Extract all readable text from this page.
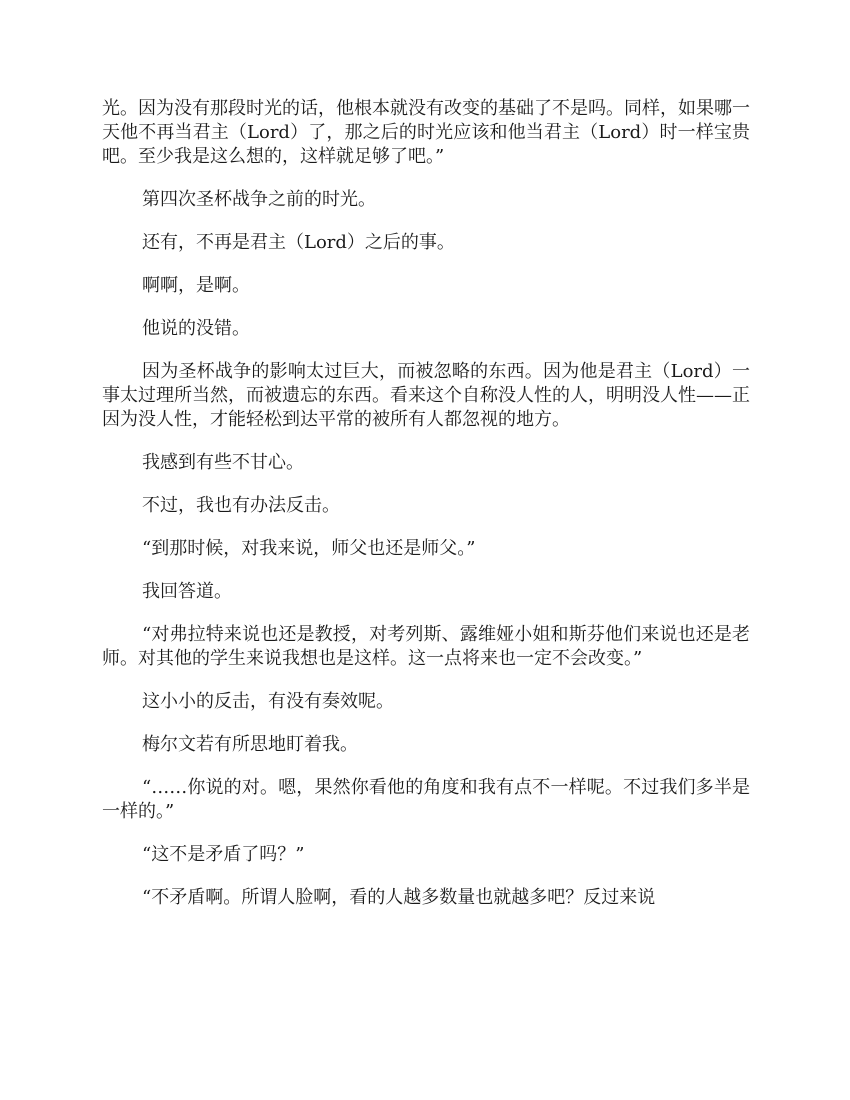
光。因为没有那段时光的话，他根本就没有改变的基础了不是吗。同样，如果哪一天他不再当君主（Lord）了，那之后的时光应该和他当君主（Lord）时一样宝贵吧。至少我是这么想的，这样就足够了吧。”

第四次圣杯战争之前的时光。

还有，不再是君主（Lord）之后的事。

啊啊，是啊。

他说的没错。

因为圣杯战争的影响太过巨大，而被忽略的东西。因为他是君主（Lord）一事太过理所当然，而被遗忘的东西。看来这个自称没人性的人，明明没人性——正因为没人性，才能轻松到达平常的被所有人都忽视的地方。

我感到有些不甘心。

不过，我也有办法反击。

“到那时候，对我来说，师父也还是师父。”

我回答道。

“对弗拉特来说也还是教授，对考列斯、露维娅小姐和斯芬他们来说也还是老师。对其他的学生来说我想也是这样。这一点将来也一定不会改变。”

这小小的反击，有没有奏效呢。

梅尔文若有所思地盯着我。

“……你说的对。嗯，果然你看他的角度和我有点不一样呢。不过我们多半是一样的。”

“这不是矛盾了吗？”

“不矛盾啊。所谓人脸啊，看的人越多数量也就越多吧？反过来说
